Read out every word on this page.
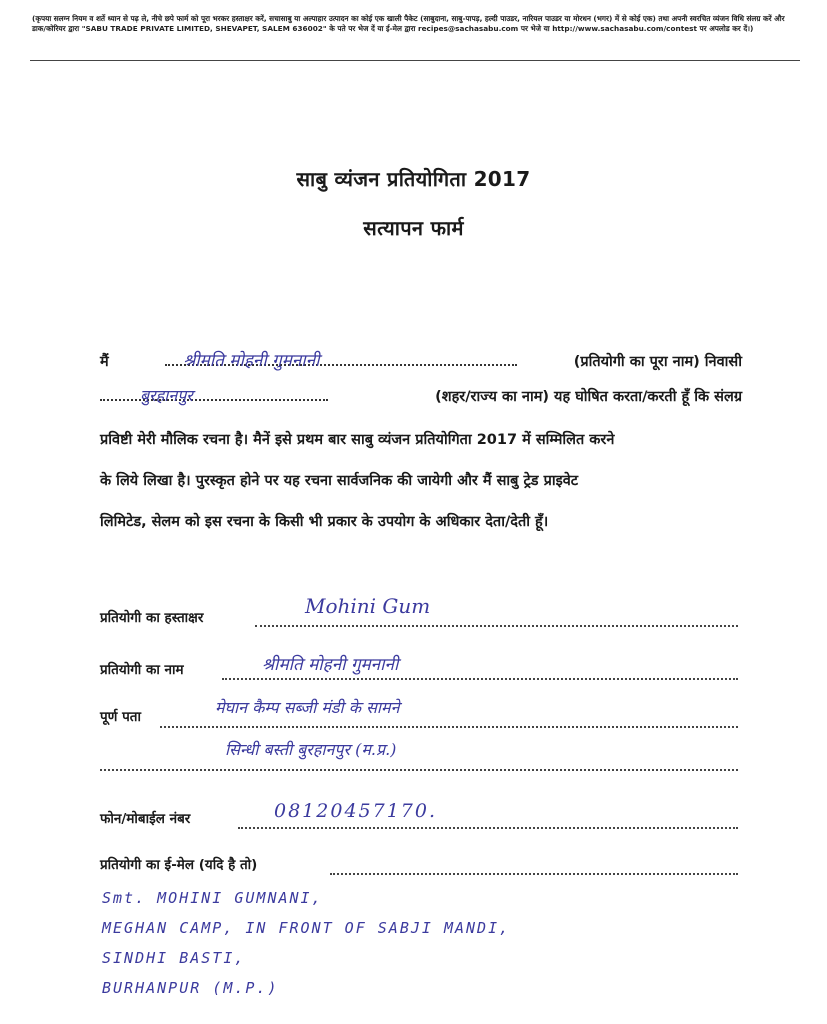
(कृपया सलग्न नियम व शर्ते ध्यान से पढ़ ले, नीचे छपे फार्म को पूरा भरकर हस्ताक्षर करें, सचासाबु या अल्पाहार उत्पादन का कोई एक खाली पैकेट (साबुदाना, साबु-पापड़, हल्दी पाउडर, नारियल पाउडर या मोरधन (भगर) में से कोई एक) तथा अपनी स्वरचित व्यंजन विधि संलग्र करें और डाक/कोरियर द्वारा "SABU TRADE PRIVATE LIMITED, SHEVAPET, SALEM 636002" के पते पर भेज दें या ई-मेल द्वारा recipes@sachasabu.com पर भेजे या http://www.sachasabu.com/contest पर अपलोड कर दें।)
साबु व्यंजन प्रतियोगिता 2017
सत्यापन फार्म
मैं	श्रीमति मोहनी गुमनानी	(प्रतियोगी का पूरा नाम) निवासी
बुरहानपुर	(शहर/राज्य का नाम) यह घोषित करता/करती हूँ कि संलग्र
प्रविष्टी मेरी मौलिक रचना है। मैनें इसे प्रथम बार साबु व्यंजन प्रतियोगिता 2017 में सम्मिलित करने
के लिये लिखा है। पुरस्कृत होने पर यह रचना सार्वजनिक की जायेगी और मैं साबु ट्रेड प्राइवेट
लिमिटेड, सेलम को इस रचना के किसी भी प्रकार के उपयोग के अधिकार देता/देती हूँ।
प्रतियोगी का हस्ताक्षर	Mohini Gum
प्रतियोगी का नाम	श्रीमति मोहनी गुमनानी
पूर्ण पता	मेघान कैम्प सब्जी मंडी के सामने
सिन्धी बस्ती बुरहानपुर (म.प्र.)
फोन/मोबाईल नंबर	08120457170.
प्रतियोगी का ई-मेल (यदि है तो)
Smt. MOHINI GUMNANI,
MEGHAN CAMP, IN FRONT OF SABJI MANDI,
SINDHI BASTI,
BURHANPUR (M.P.)
